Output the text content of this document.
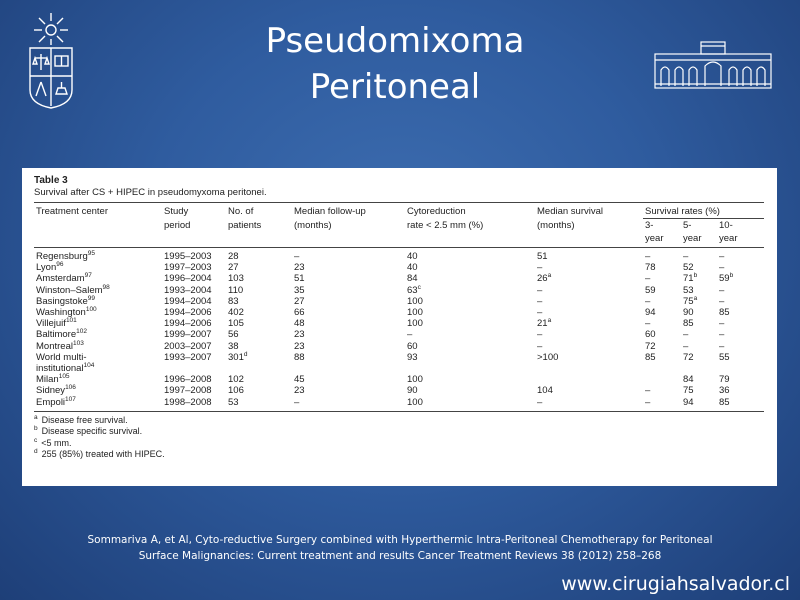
Pseudomixoma
Peritoneal
Table 3
Survival after CS + HIPEC in pseudomyxoma peritonei.
Treatment center	Study	No. of	Median follow-up	Cytoreduction	Median survival	Survival rates (%)		
	period	patients	(months)	rate < 2.5 mm (%)	(months)	3-	5-	10-
						year	year	year
Regensburg$^{95}$	1995–2003	28	–	40	51	–	–	–
Lyon$^{96}$	1997–2003	27	23	40	–	78	52	–
Amsterdam$^{97}$	1996–2004	103	51	84	26$^a$	–	71$^b$	59$^b$
Winston–Salem$^{98}$	1993–2004	110	35	63$^c$	–	59	53	–
Basingstoke$^{99}$	1994–2004	83	27	100	–	–	75$^a$	–
Washington$^{100}$	1994–2006	402	66	100	–	94	90	85
Villejuif$^{101}$	1994–2006	105	48	100	21$^a$	–	85	–
Baltimore$^{102}$	1999–2007	56	23	–	–	60	–	–
Montreal$^{103}$	2003–2007	38	23	60	–	72	–	–
World multi-	1993–2007	301$^d$	88	93	>100	85	72	55
institutional$^{104}$								
Milan$^{105}$	1996–2008	102	45	100			84	79
Sidney$^{106}$	1997–2008	106	23	90	104	–	75	36
Empoli$^{107}$	1998–2008	53	–	100	–	–	94	85
$^a$ Disease free survival.
$^b$ Disease specific survival.
$^c$ <5 mm.
$^d$ 255 (85%) treated with HIPEC.
Sommariva A, et Al, Cyto-reductive Surgery combined with Hyperthermic Intra-Peritoneal Chemotherapy for Peritoneal
Surface Malignancies: Current treatment and results Cancer Treatment Reviews 38 (2012) 258–268
www.cirugiahsalvador.cl
